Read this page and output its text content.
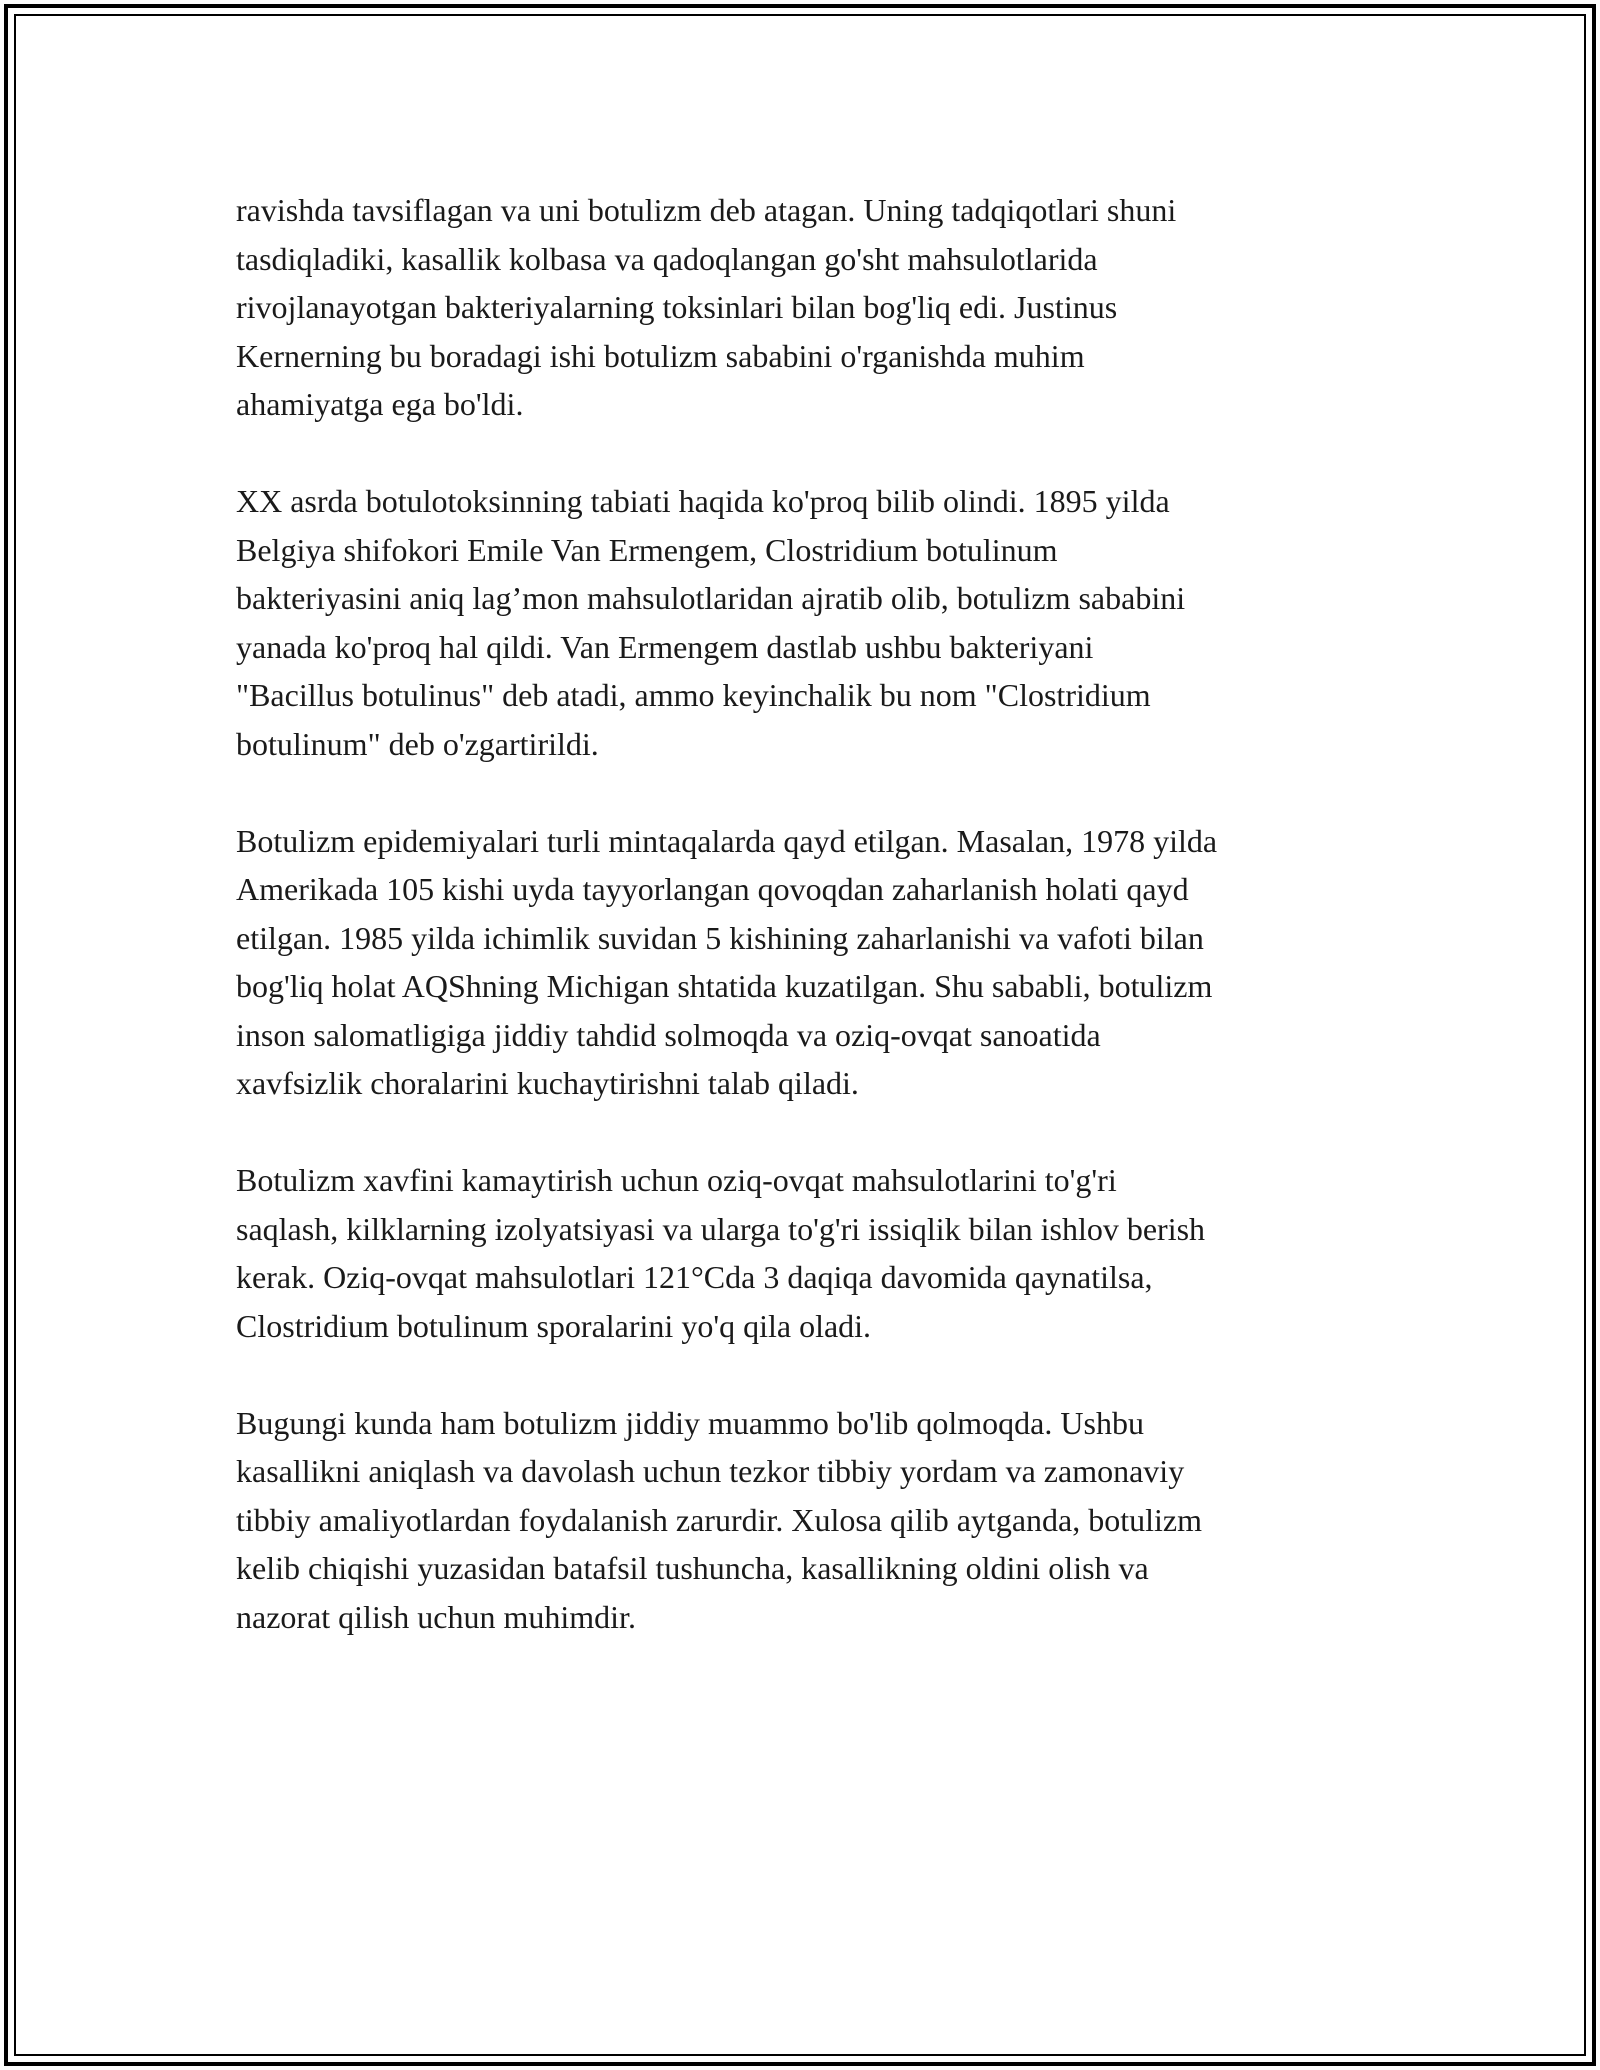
ravishda tavsiflagan va uni botulizm deb atagan. Uning tadqiqotlari shuni
tasdiqladiki, kasallik kolbasa va qadoqlangan go'sht mahsulotlarida
rivojlanayotgan bakteriyalarning toksinlari bilan bog'liq edi. Justinus
Kernerning bu boradagi ishi botulizm sababini o'rganishda muhim
ahamiyatga ega bo'ldi.

XX asrda botulotoksinning tabiati haqida ko'proq bilib olindi. 1895 yilda
Belgiya shifokori Emile Van Ermengem, Clostridium botulinum
bakteriyasini aniq lag’mon mahsulotlaridan ajratib olib, botulizm sababini
yanada ko'proq hal qildi. Van Ermengem dastlab ushbu bakteriyani
"Bacillus botulinus" deb atadi, ammo keyinchalik bu nom "Clostridium
botulinum" deb o'zgartirildi.

Botulizm epidemiyalari turli mintaqalarda qayd etilgan. Masalan, 1978 yilda
Amerikada 105 kishi uyda tayyorlangan qovoqdan zaharlanish holati qayd
etilgan. 1985 yilda ichimlik suvidan 5 kishining zaharlanishi va vafoti bilan
bog'liq holat AQShning Michigan shtatida kuzatilgan. Shu sababli, botulizm
inson salomatligiga jiddiy tahdid solmoqda va oziq-ovqat sanoatida
xavfsizlik choralarini kuchaytirishni talab qiladi.

Botulizm xavfini kamaytirish uchun oziq-ovqat mahsulotlarini to'g'ri
saqlash, kilklarning izolyatsiyasi va ularga to'g'ri issiqlik bilan ishlov berish
kerak. Oziq-ovqat mahsulotlari 121°Cda 3 daqiqa davomida qaynatilsa,
Clostridium botulinum sporalarini yo'q qila oladi.

Bugungi kunda ham botulizm jiddiy muammo bo'lib qolmoqda. Ushbu
kasallikni aniqlash va davolash uchun tezkor tibbiy yordam va zamonaviy
tibbiy amaliyotlardan foydalanish zarurdir. Xulosa qilib aytganda, botulizm
kelib chiqishi yuzasidan batafsil tushuncha, kasallikning oldini olish va
nazorat qilish uchun muhimdir.
